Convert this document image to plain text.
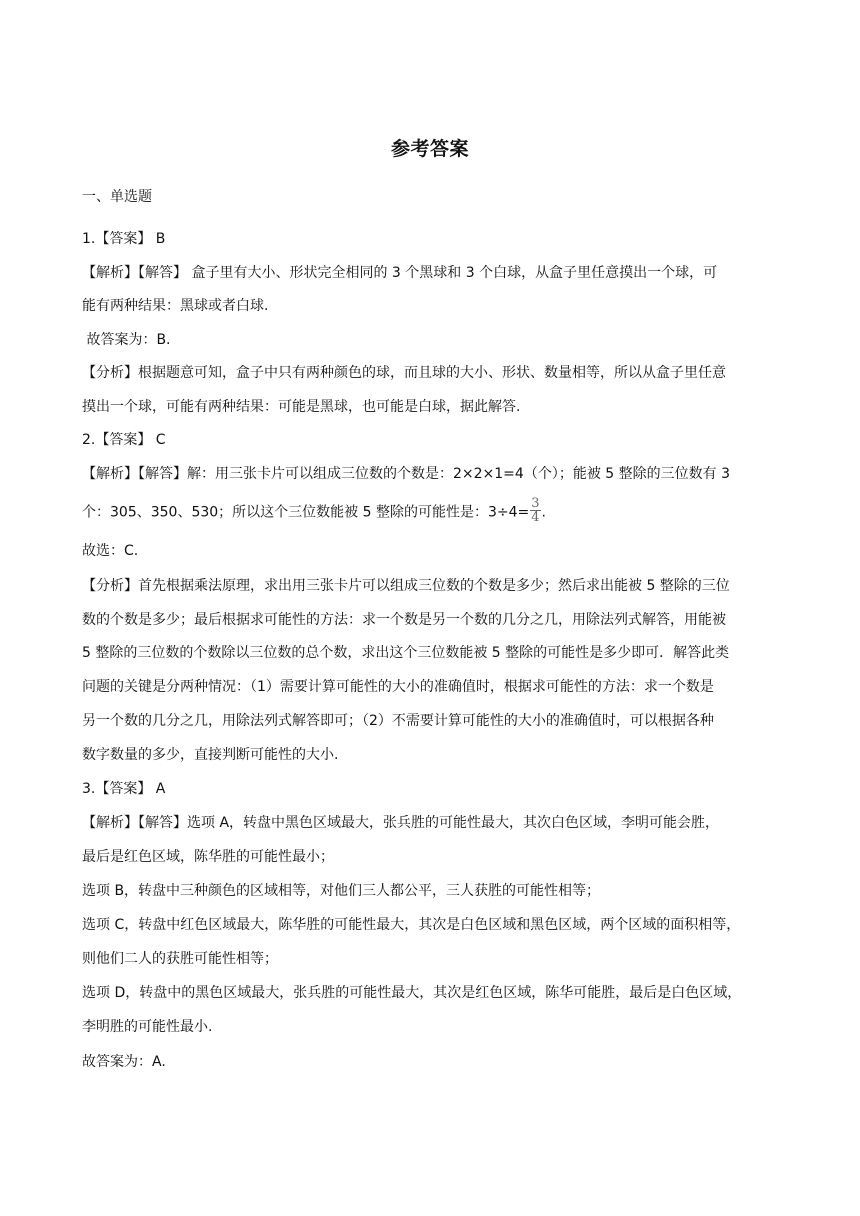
参考答案
一、单选题
1.【答案】 B
【解析】【解答】 盒子里有大小、形状完全相同的 3 个黑球和 3 个白球，从盒子里任意摸出一个球，可
能有两种结果：黑球或者白球.
故答案为：B.
【分析】根据题意可知，盒子中只有两种颜色的球，而且球的大小、形状、数量相等，所以从盒子里任意
摸出一个球，可能有两种结果：可能是黑球，也可能是白球，据此解答.
2.【答案】 C
【解析】【解答】解：用三张卡片可以组成三位数的个数是：2×2×1=4（个）；能被 5 整除的三位数有 3
个：305、350、530；所以这个三位数能被 5 整除的可能性是：$3\div 4= \frac{3}{4}$ .
故选：C.
【分析】首先根据乘法原理，求出用三张卡片可以组成三位数的个数是多少；然后求出能被 5 整除的三位
数的个数是多少；最后根据求可能性的方法：求一个数是另一个数的几分之几，用除法列式解答，用能被
5 整除的三位数的个数除以三位数的总个数，求出这个三位数能被 5 整除的可能性是多少即可．解答此类
问题的关键是分两种情况：（1）需要计算可能性的大小的准确值时，根据求可能性的方法：求一个数是
另一个数的几分之几，用除法列式解答即可；（2）不需要计算可能性的大小的准确值时，可以根据各种
数字数量的多少，直接判断可能性的大小.
3.【答案】 A
【解析】【解答】选项 A，转盘中黑色区域最大，张兵胜的可能性最大，其次白色区域，李明可能会胜，
最后是红色区域，陈华胜的可能性最小；
选项 B，转盘中三种颜色的区域相等，对他们三人都公平，三人获胜的可能性相等；
选项 C，转盘中红色区域最大，陈华胜的可能性最大，其次是白色区域和黑色区域，两个区域的面积相等，
则他们二人的获胜可能性相等；
选项 D，转盘中的黑色区域最大，张兵胜的可能性最大，其次是红色区域，陈华可能胜，最后是白色区域，
李明胜的可能性最小.
故答案为：A.
